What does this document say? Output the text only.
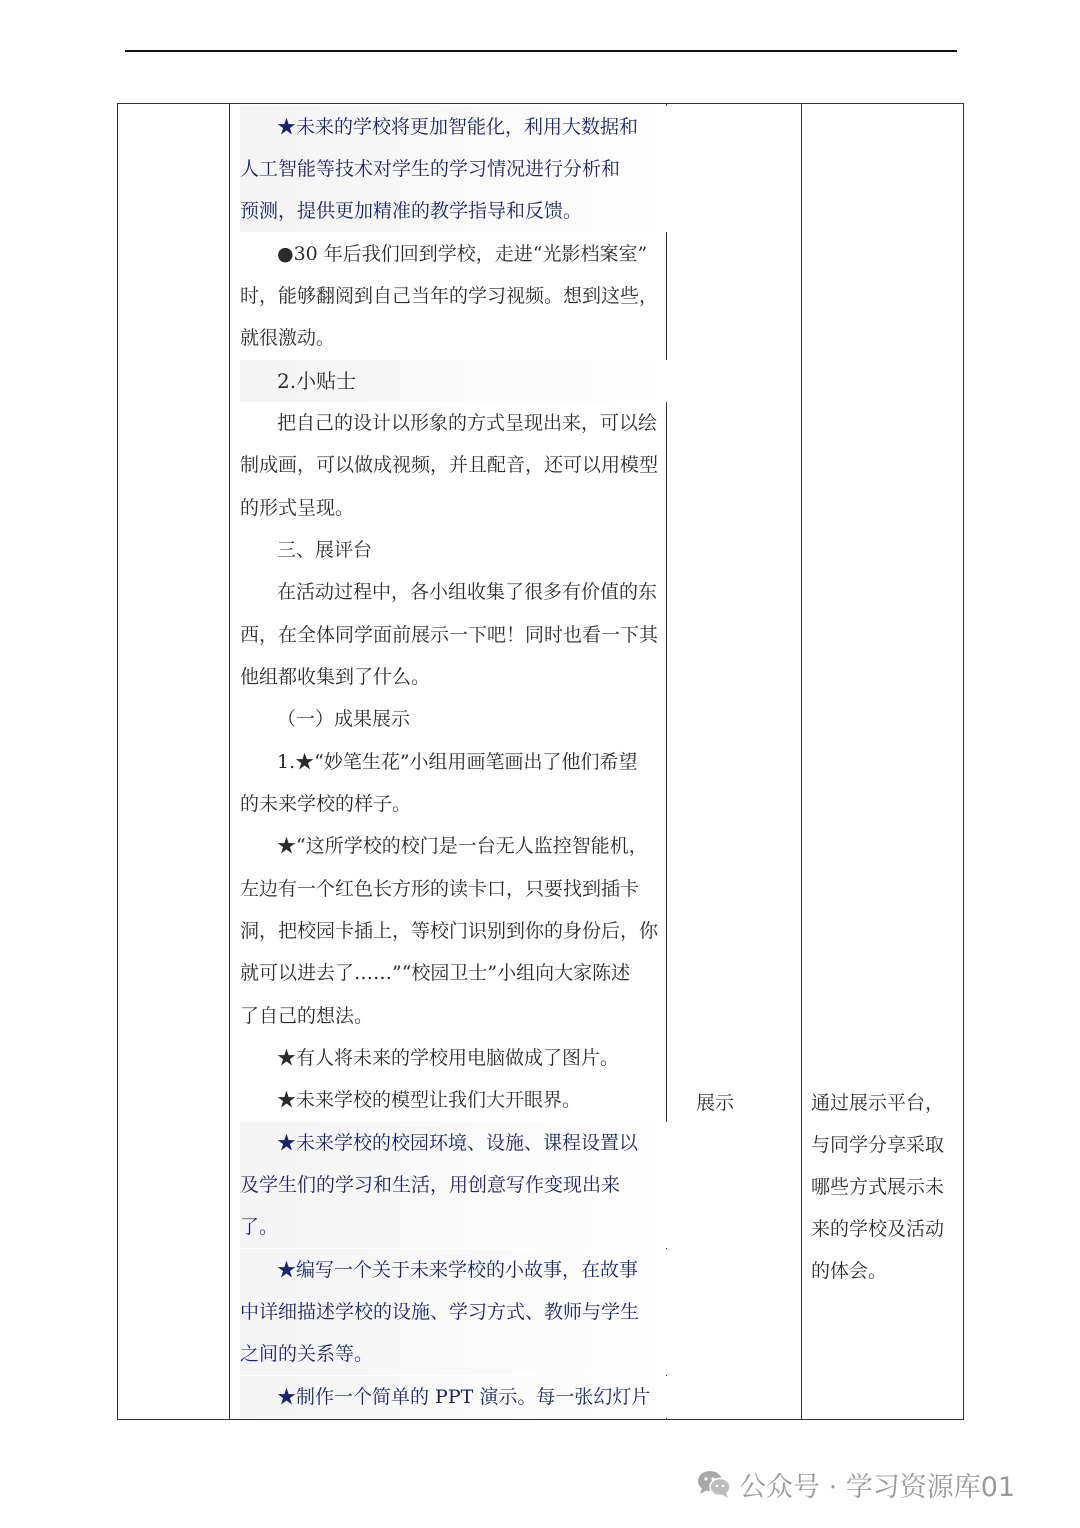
★未来的学校将更加智能化，利用大数据和
人工智能等技术对学生的学习情况进行分析和
预测，提供更加精准的教学指导和反馈。
●30 年后我们回到学校，走进“光影档案室”
时，能够翻阅到自己当年的学习视频。想到这些，
就很激动。
2.小贴士
把自己的设计以形象的方式呈现出来，可以绘
制成画，可以做成视频，并且配音，还可以用模型
的形式呈现。
三、展评台
在活动过程中，各小组收集了很多有价值的东
西，在全体同学面前展示一下吧！同时也看一下其
他组都收集到了什么。
（一）成果展示
1.★“妙笔生花”小组用画笔画出了他们希望
的未来学校的样子。
★“这所学校的校门是一台无人监控智能机，
左边有一个红色长方形的读卡口，只要找到插卡
洞，把校园卡插上，等校门识别到你的身份后，你
就可以进去了……”“校园卫士”小组向大家陈述
了自己的想法。
★有人将未来的学校用电脑做成了图片。
★未来学校的模型让我们大开眼界。
★未来学校的校园环境、设施、课程设置以
及学生们的学习和生活，用创意写作变现出来
了。
★编写一个关于未来学校的小故事，在故事
中详细描述学校的设施、学习方式、教师与学生
之间的关系等。
★制作一个简单的 PPT 演示。每一张幻灯片
展示	通过展示平台，
与同学分享采取
哪些方式展示未
来的学校及活动
的体会。
公众号 · 学习资源库01
